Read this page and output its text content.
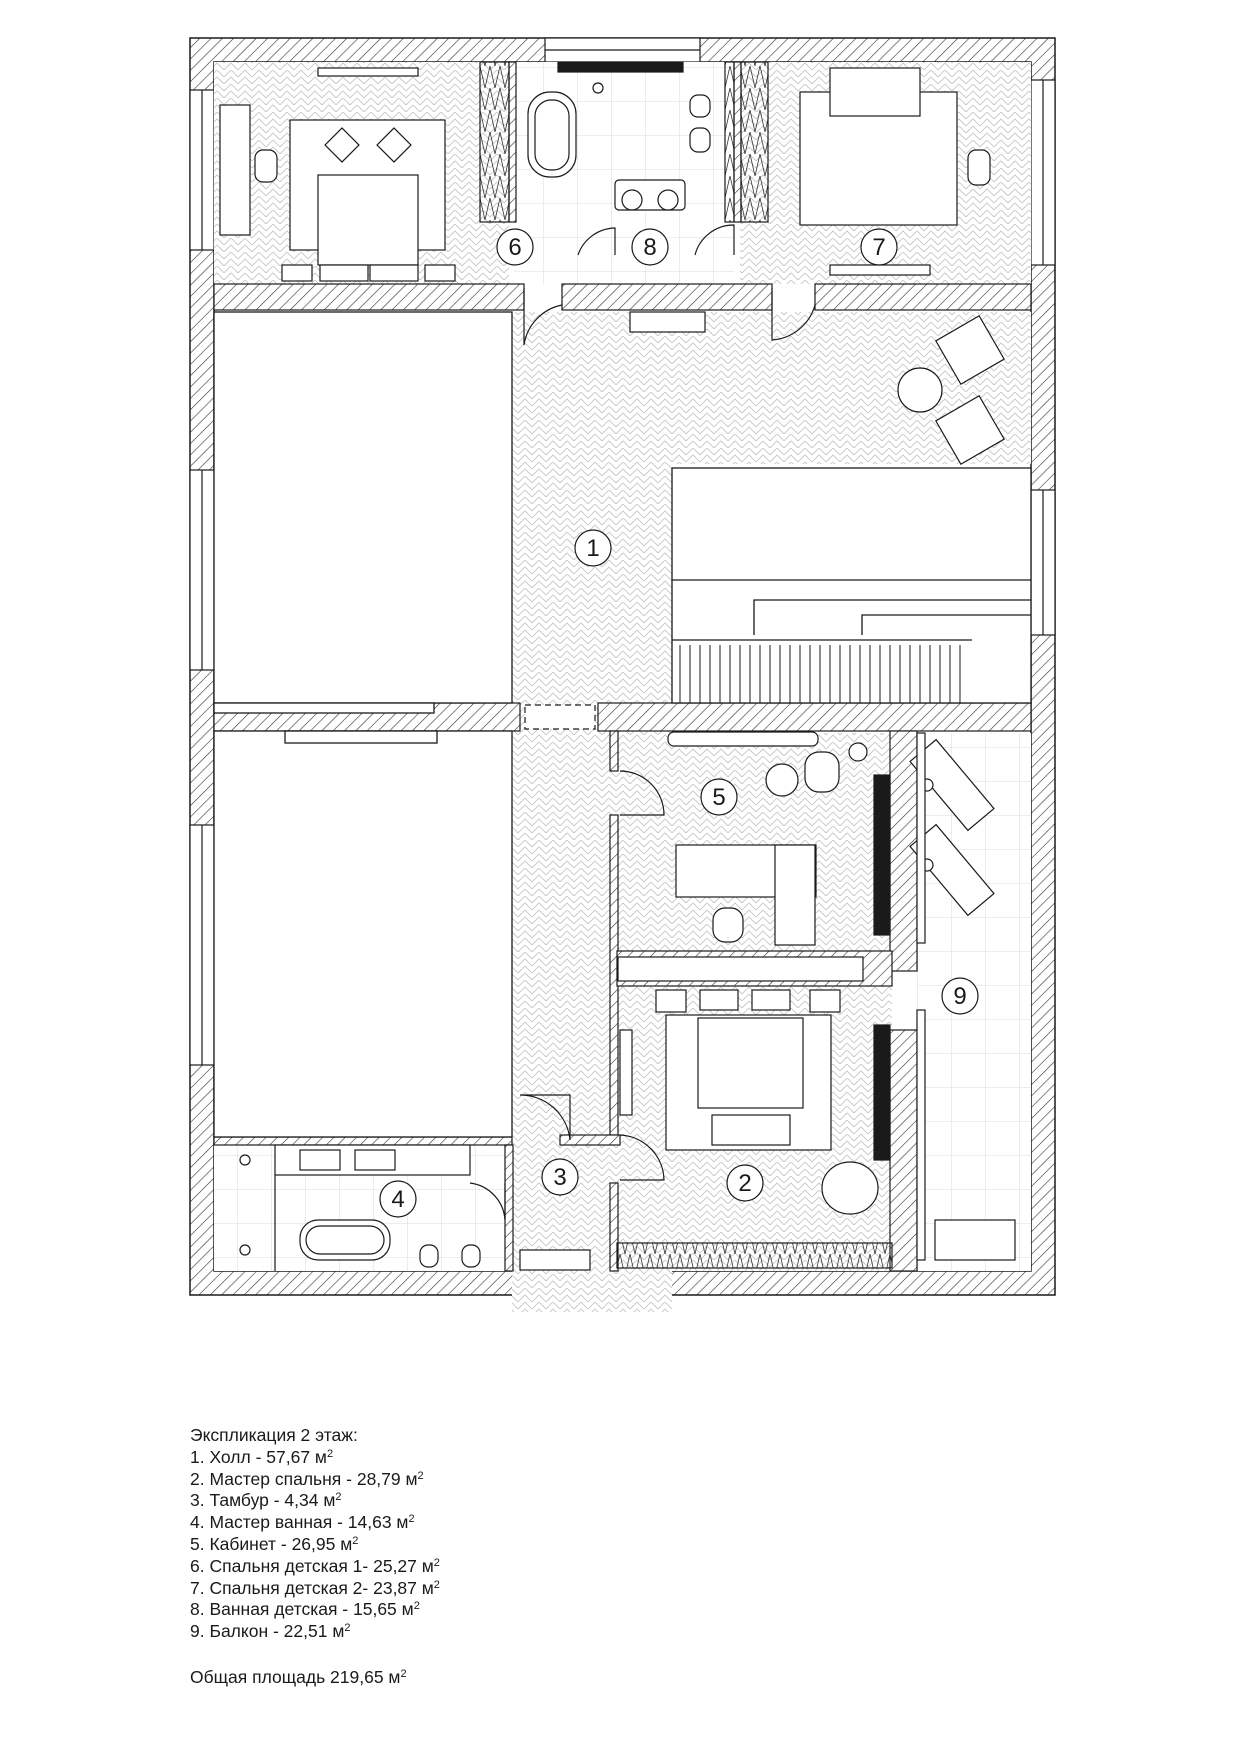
1
2
3
4
5
6	7
8
9
Экспликация 2 этаж:
1. Холл - 57,67 $м^2$
2. Мастер спальня - 28,79 $м^2$
3. Тамбур - 4,34 $м^2$
4. Мастер ванная - 14,63 $м^2$
5. Кабинет - 26,95 $м^2$
6. Спальня детская 1- 25,27 $м^2$
7. Спальня детская 2- 23,87 $м^2$
8. Ванная детская - 15,65 $м^2$
9. Балкон - 22,51 $м^2$
Общая площадь 219,65 $м^2$
